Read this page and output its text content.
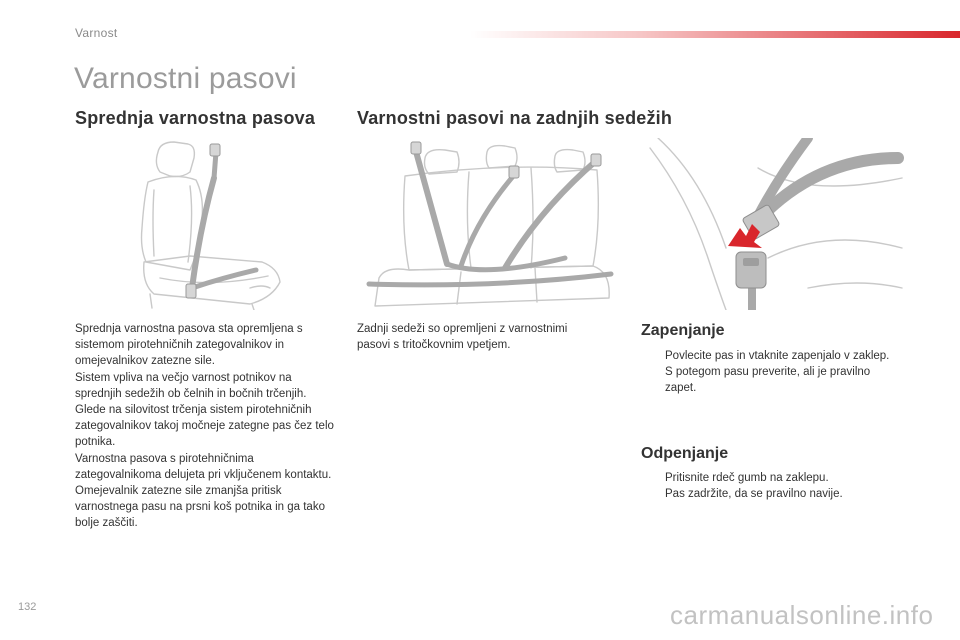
Varnost
Varnostni pasovi
Sprednja varnostna pasova Varnostni pasovi na zadnjih sedežih

Sprednja varnostna pasova sta opremljena s sistemom pirotehničnih zategovalnikov in omejevalnikov zatezne sile.

Sistem vpliva na večjo varnost potnikov na sprednjih sedežih ob čelnih in bočnih trčenjih. Glede na silovitost trčenja sistem pirotehničnih zategovalnikov takoj močneje zategne pas čez telo potnika.

Varnostna pasova s pirotehničnima zategovalnikoma delujeta pri vključenem kontaktu.

Omejevalnik zatezne sile zmanjša pritisk varnostnega pasu na prsni koš potnika in ga tako bolje zaščiti.

Zadnji sedeži so opremljeni z varnostnimi pasovi s tritočkovnim vpetjem.
Zapenjanje
Povlecite pas in vtaknite zapenjalo v zaklep.
S potegom pasu preverite, ali je pravilno zapet.
Odpenjanje
Pritisnite rdeč gumb na zaklepu.
Pas zadržite, da se pravilno navije.
132	carmanualsonline.info
